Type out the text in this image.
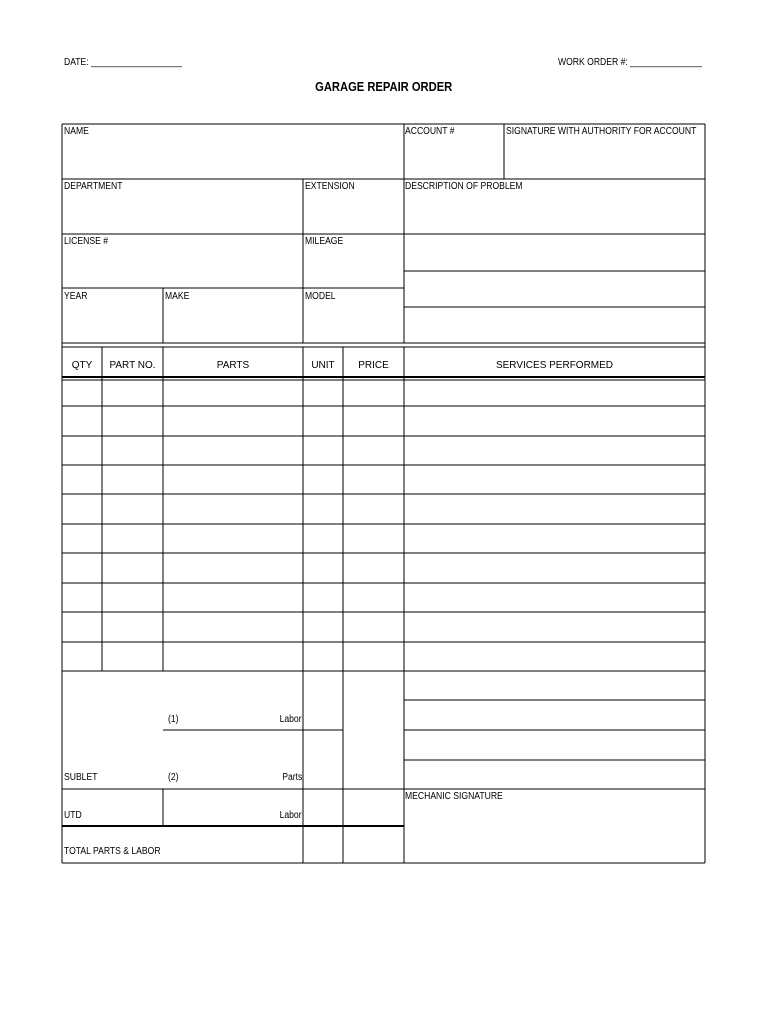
DATE: ___________________	WORK ORDER #: _______________
GARAGE REPAIR ORDER
NAME	ACCOUNT #	SIGNATURE WITH AUTHORITY FOR ACCOUNT
DEPARTMENT	EXTENSION	DESCRIPTION OF PROBLEM
LICENSE #	MILEAGE
YEAR	MAKE	MODEL
QTY	PART NO.	PARTS	UNIT	PRICE	SERVICES PERFORMED
(1)	Labor
SUBLET	(2)	Parts
MECHANIC SIGNATURE
UTD	Labor
TOTAL PARTS & LABOR
